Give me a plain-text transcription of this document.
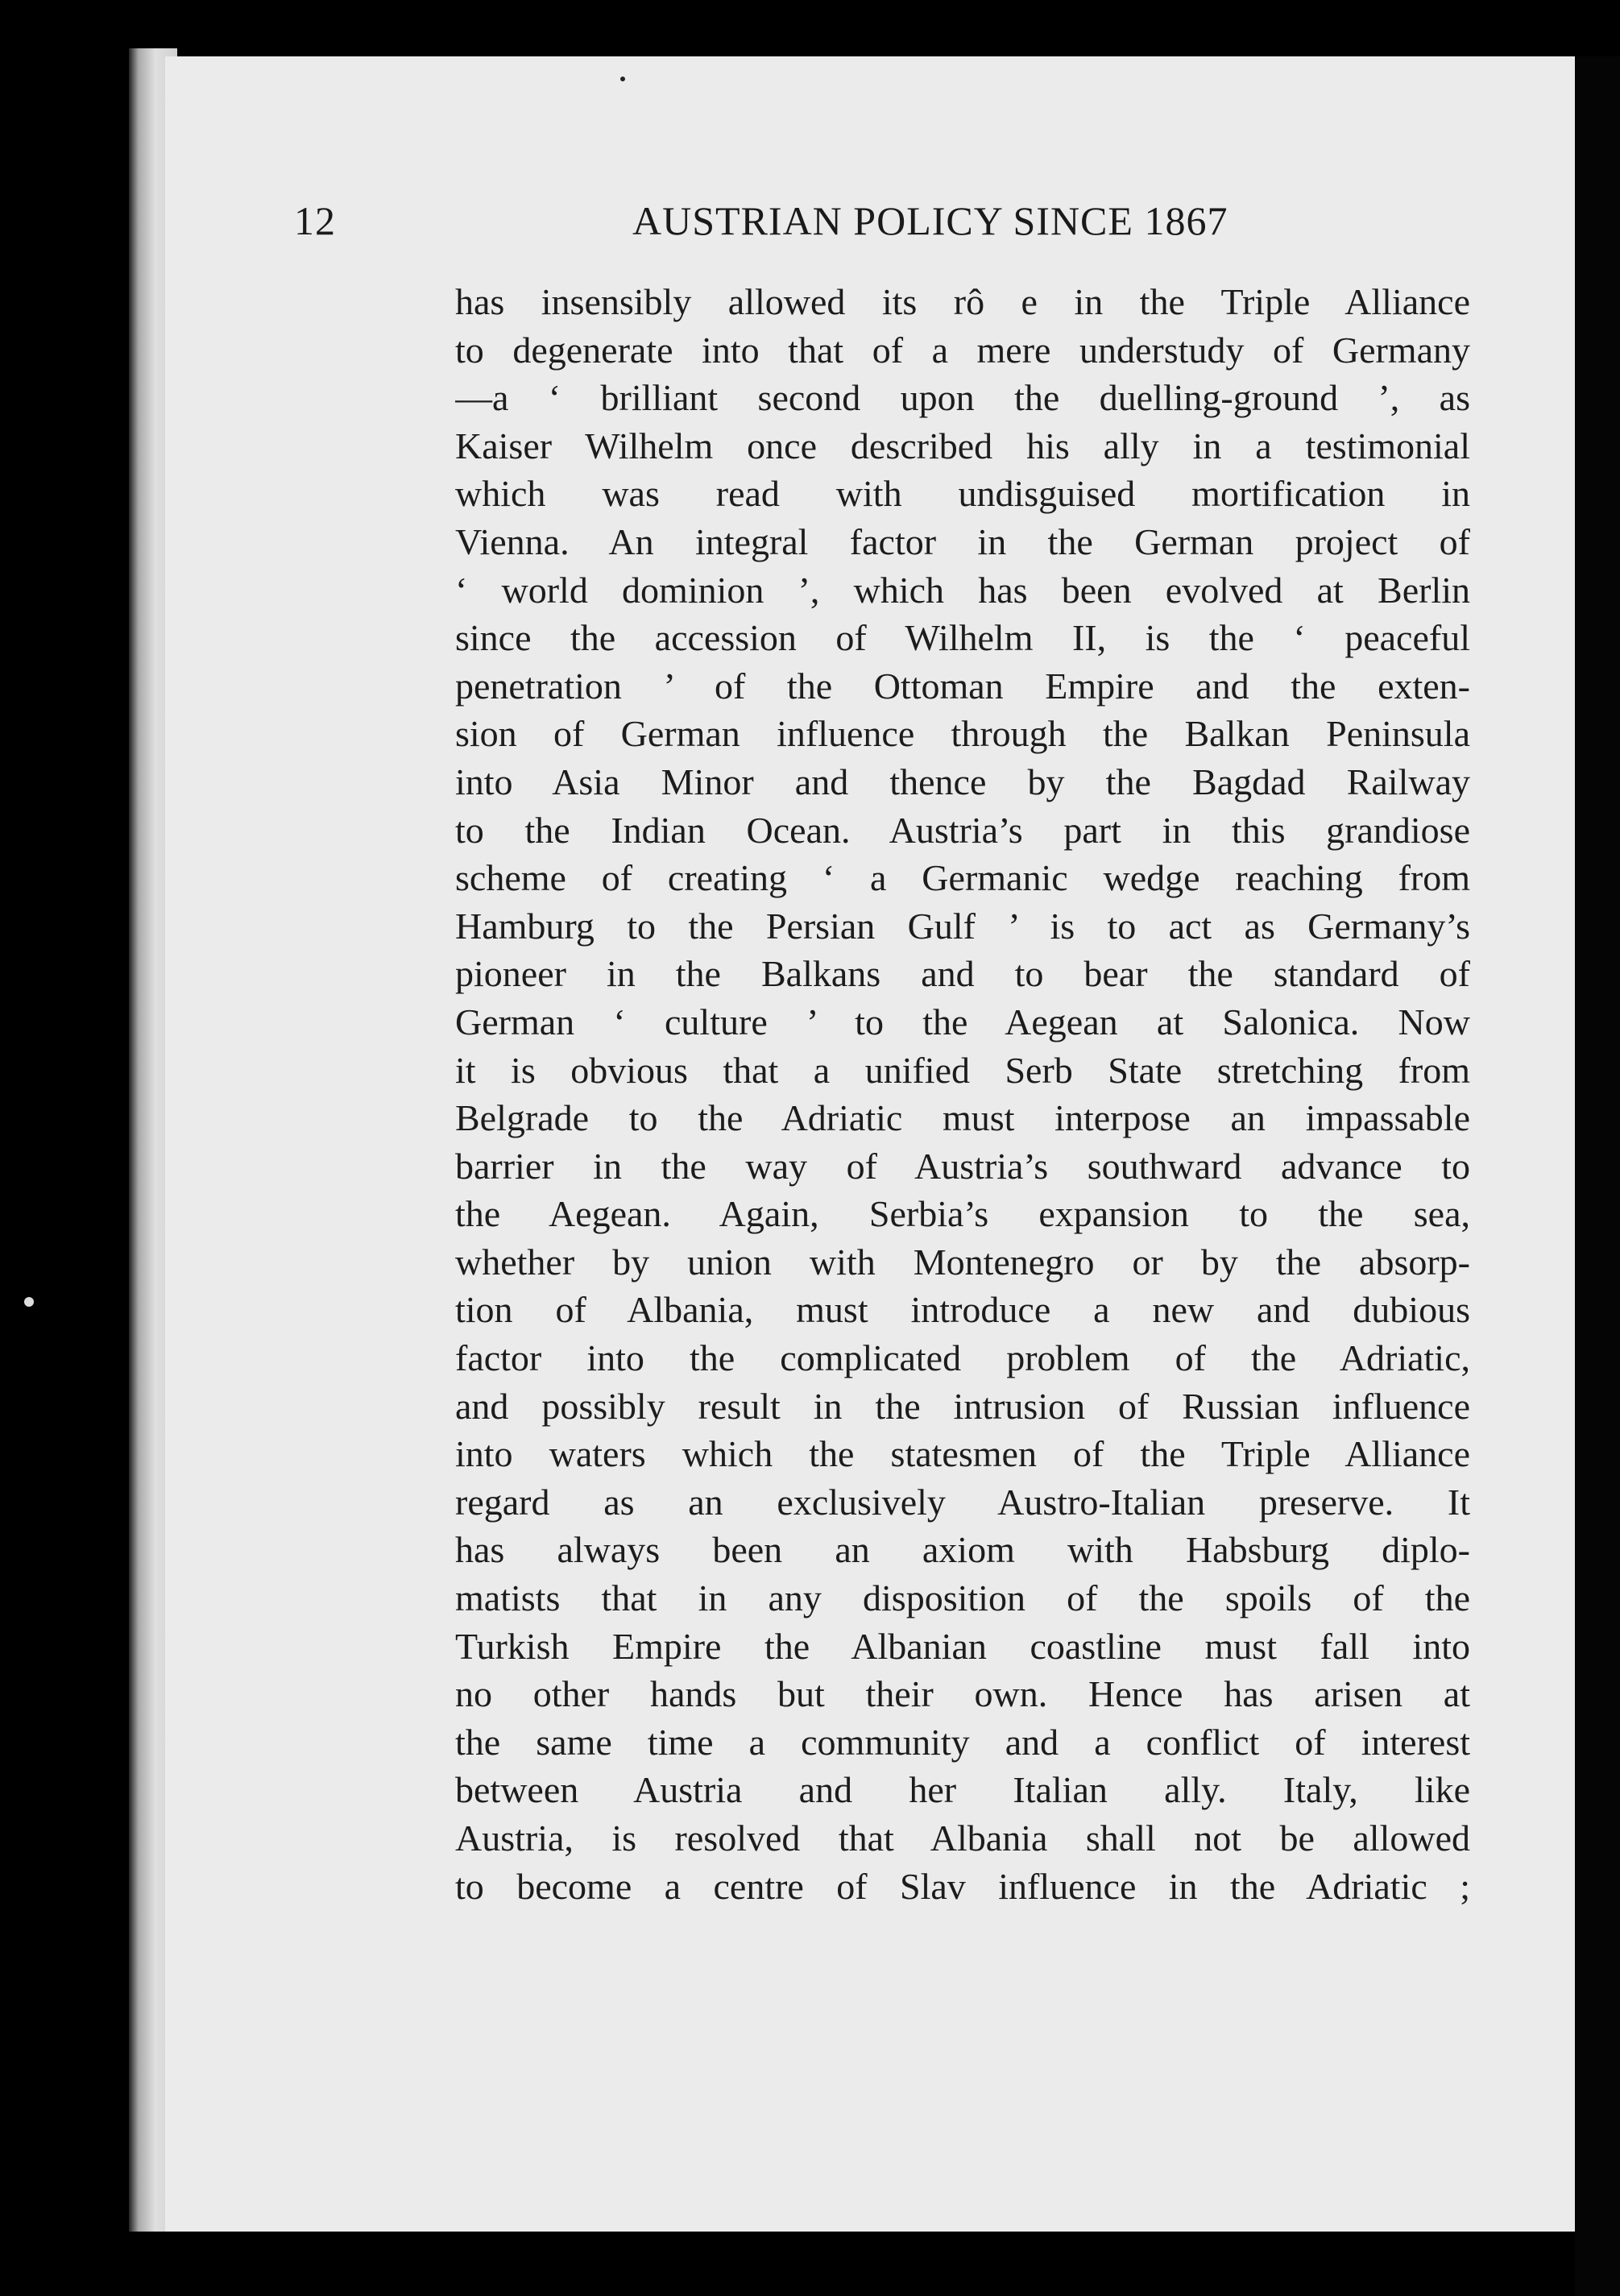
12	AUSTRIAN POLICY SINCE 1867
has insensibly allowed its rô e in the Triple Alliance
to degenerate into that of a mere understudy of Germany
—a ‘ brilliant second upon the duelling-ground ’, as
Kaiser Wilhelm once described his ally in a testimonial
which was read with undisguised mortification in
Vienna. An integral factor in the German project of
‘ world dominion ’, which has been evolved at Berlin
since the accession of Wilhelm II, is the ‘ peaceful
penetration ’ of the Ottoman Empire and the exten-
sion of German influence through the Balkan Peninsula
into Asia Minor and thence by the Bagdad Railway
to the Indian Ocean. Austria’s part in this grandiose
scheme of creating ‘ a Germanic wedge reaching from
Hamburg to the Persian Gulf ’ is to act as Germany’s
pioneer in the Balkans and to bear the standard of
German ‘ culture ’ to the Aegean at Salonica. Now
it is obvious that a unified Serb State stretching from
Belgrade to the Adriatic must interpose an impassable
barrier in the way of Austria’s southward advance to
the Aegean. Again, Serbia’s expansion to the sea,
whether by union with Montenegro or by the absorp-
tion of Albania, must introduce a new and dubious
factor into the complicated problem of the Adriatic,
and possibly result in the intrusion of Russian influence
into waters which the statesmen of the Triple Alliance
regard as an exclusively Austro-Italian preserve. It
has always been an axiom with Habsburg diplo-
matists that in any disposition of the spoils of the
Turkish Empire the Albanian coastline must fall into
no other hands but their own. Hence has arisen at
the same time a community and a conflict of interest
between Austria and her Italian ally. Italy, like
Austria, is resolved that Albania shall not be allowed
to become a centre of Slav influence in the Adriatic ;
